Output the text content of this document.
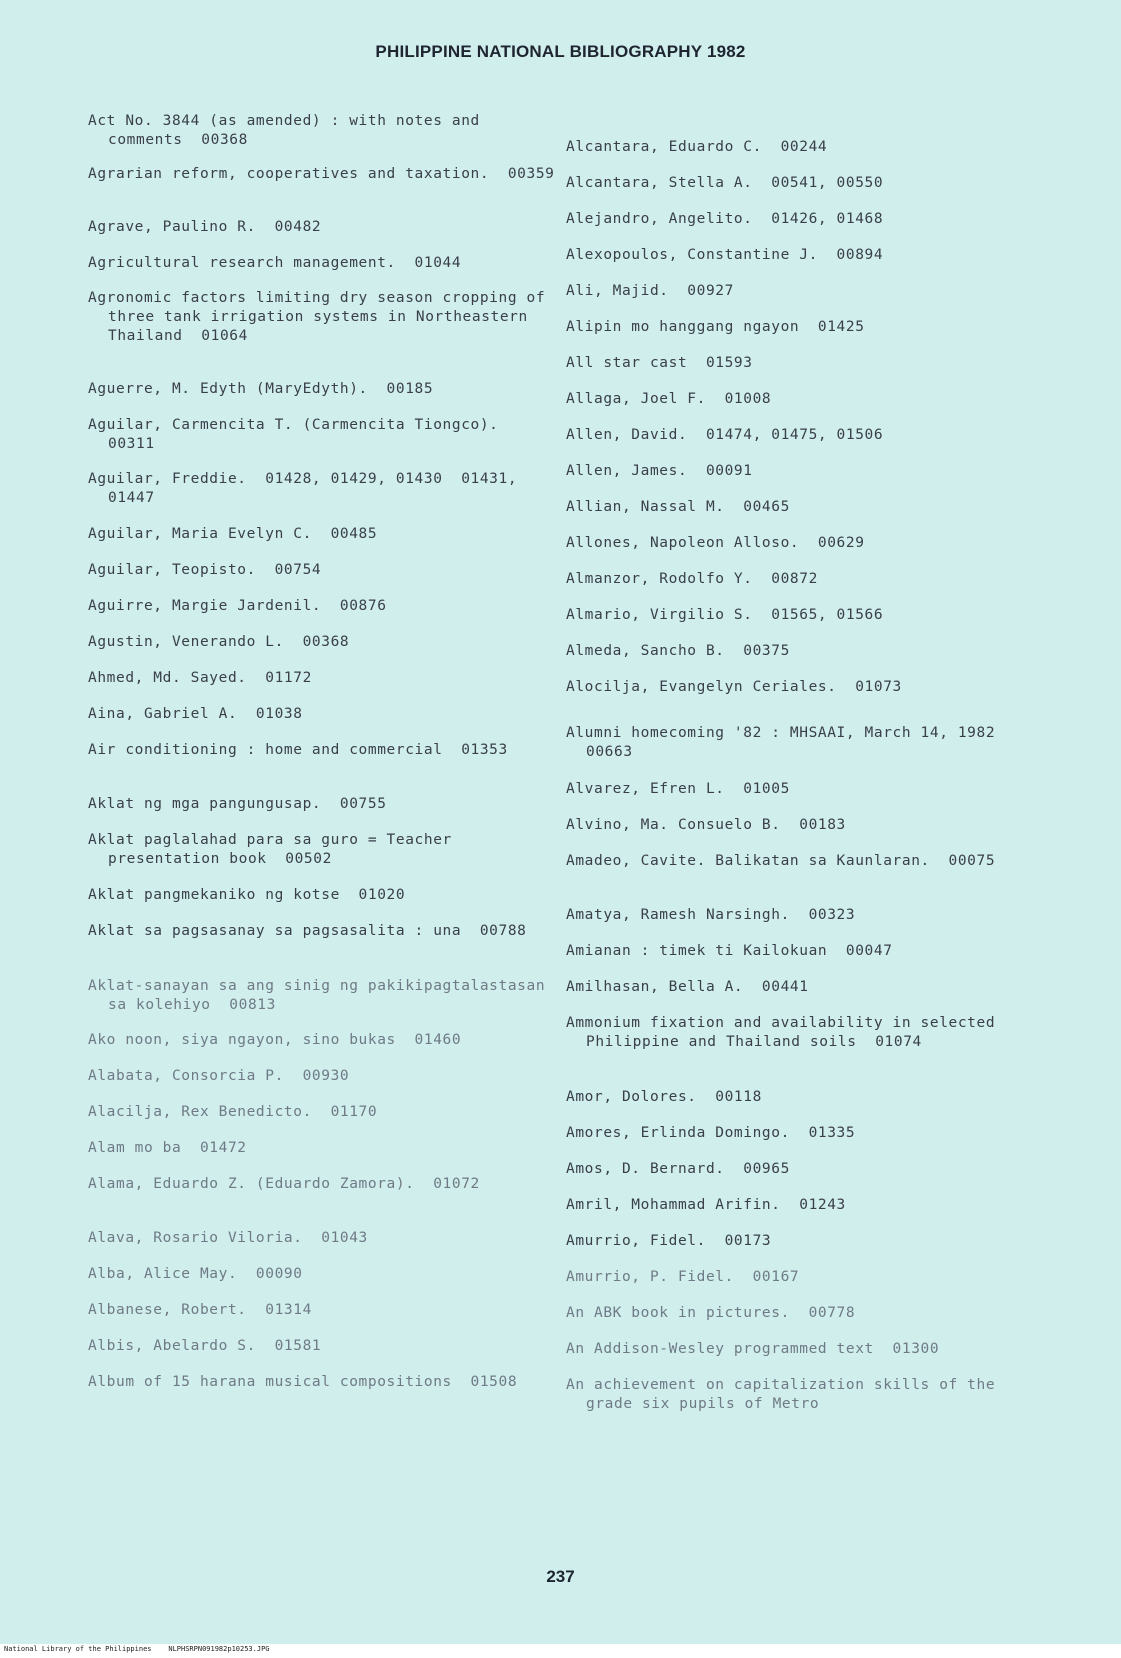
PHILIPPINE NATIONAL BIBLIOGRAPHY 1982
Act No. 3844 (as amended) : with notes and comments  00368
Agrarian reform, cooperatives and taxation.  00359
Agrave, Paulino R.  00482
Agricultural research management.  01044
Agronomic factors limiting dry season cropping of three tank irrigation systems in Northeastern Thailand  01064
Aguerre, M. Edyth (MaryEdyth).  00185
Aguilar, Carmencita T. (Carmencita Tiongco).  00311
Aguilar, Freddie.  01428, 01429, 01430  01431, 01447
Aguilar, Maria Evelyn C.  00485
Aguilar, Teopisto.  00754
Aguirre, Margie Jardenil.  00876
Agustin, Venerando L.  00368
Ahmed, Md. Sayed.  01172
Aina, Gabriel A.  01038
Air conditioning : home and commercial  01353
Aklat ng mga pangungusap.  00755
Aklat paglalahad para sa guro = Teacher presentation book  00502
Aklat pangmekaniko ng kotse  01020
Aklat sa pagsasanay sa pagsasalita : una  00788
Aklat-sanayan sa ang sinig ng pakikipagtalastasan sa kolehiyo  00813
Ako noon, siya ngayon, sino bukas  01460
Alabata, Consorcia P.  00930
Alacilja, Rex Benedicto.  01170
Alam mo ba  01472
Alama, Eduardo Z. (Eduardo Zamora).  01072
Alava, Rosario Viloria.  01043
Alba, Alice May.  00090
Albanese, Robert.  01314
Albis, Abelardo S.  01581
Album of 15 harana musical compositions  01508
Alcantara, Eduardo C.  00244
Alcantara, Stella A.  00541, 00550
Alejandro, Angelito.  01426, 01468
Alexopoulos, Constantine J.  00894
Ali, Majid.  00927
Alipin mo hanggang ngayon  01425
All star cast  01593
Allaga, Joel F.  01008
Allen, David.  01474, 01475, 01506
Allen, James.  00091
Allian, Nassal M.  00465
Allones, Napoleon Alloso.  00629
Almanzor, Rodolfo Y.  00872
Almario, Virgilio S.  01565, 01566
Almeda, Sancho B.  00375
Alocilja, Evangelyn Ceriales.  01073
Alumni homecoming '82 : MHSAAI, March 14, 1982  00663
Alvarez, Efren L.  01005
Alvino, Ma. Consuelo B.  00183
Amadeo, Cavite. Balikatan sa Kaunlaran.  00075
Amatya, Ramesh Narsingh.  00323
Amianan : timek ti Kailokuan  00047
Amilhasan, Bella A.  00441
Ammonium fixation and availability in selected Philippine and Thailand soils  01074
Amor, Dolores.  00118
Amores, Erlinda Domingo.  01335
Amos, D. Bernard.  00965
Amril, Mohammad Arifin.  01243
Amurrio, Fidel.  00173
Amurrio, P. Fidel.  00167
An ABK book in pictures.  00778
An Addison-Wesley programmed text  01300
An achievement on capitalization skills of the grade six pupils of Metro
237
National Library of the Philippines    NLPHSRPN091982p10253.JPG
